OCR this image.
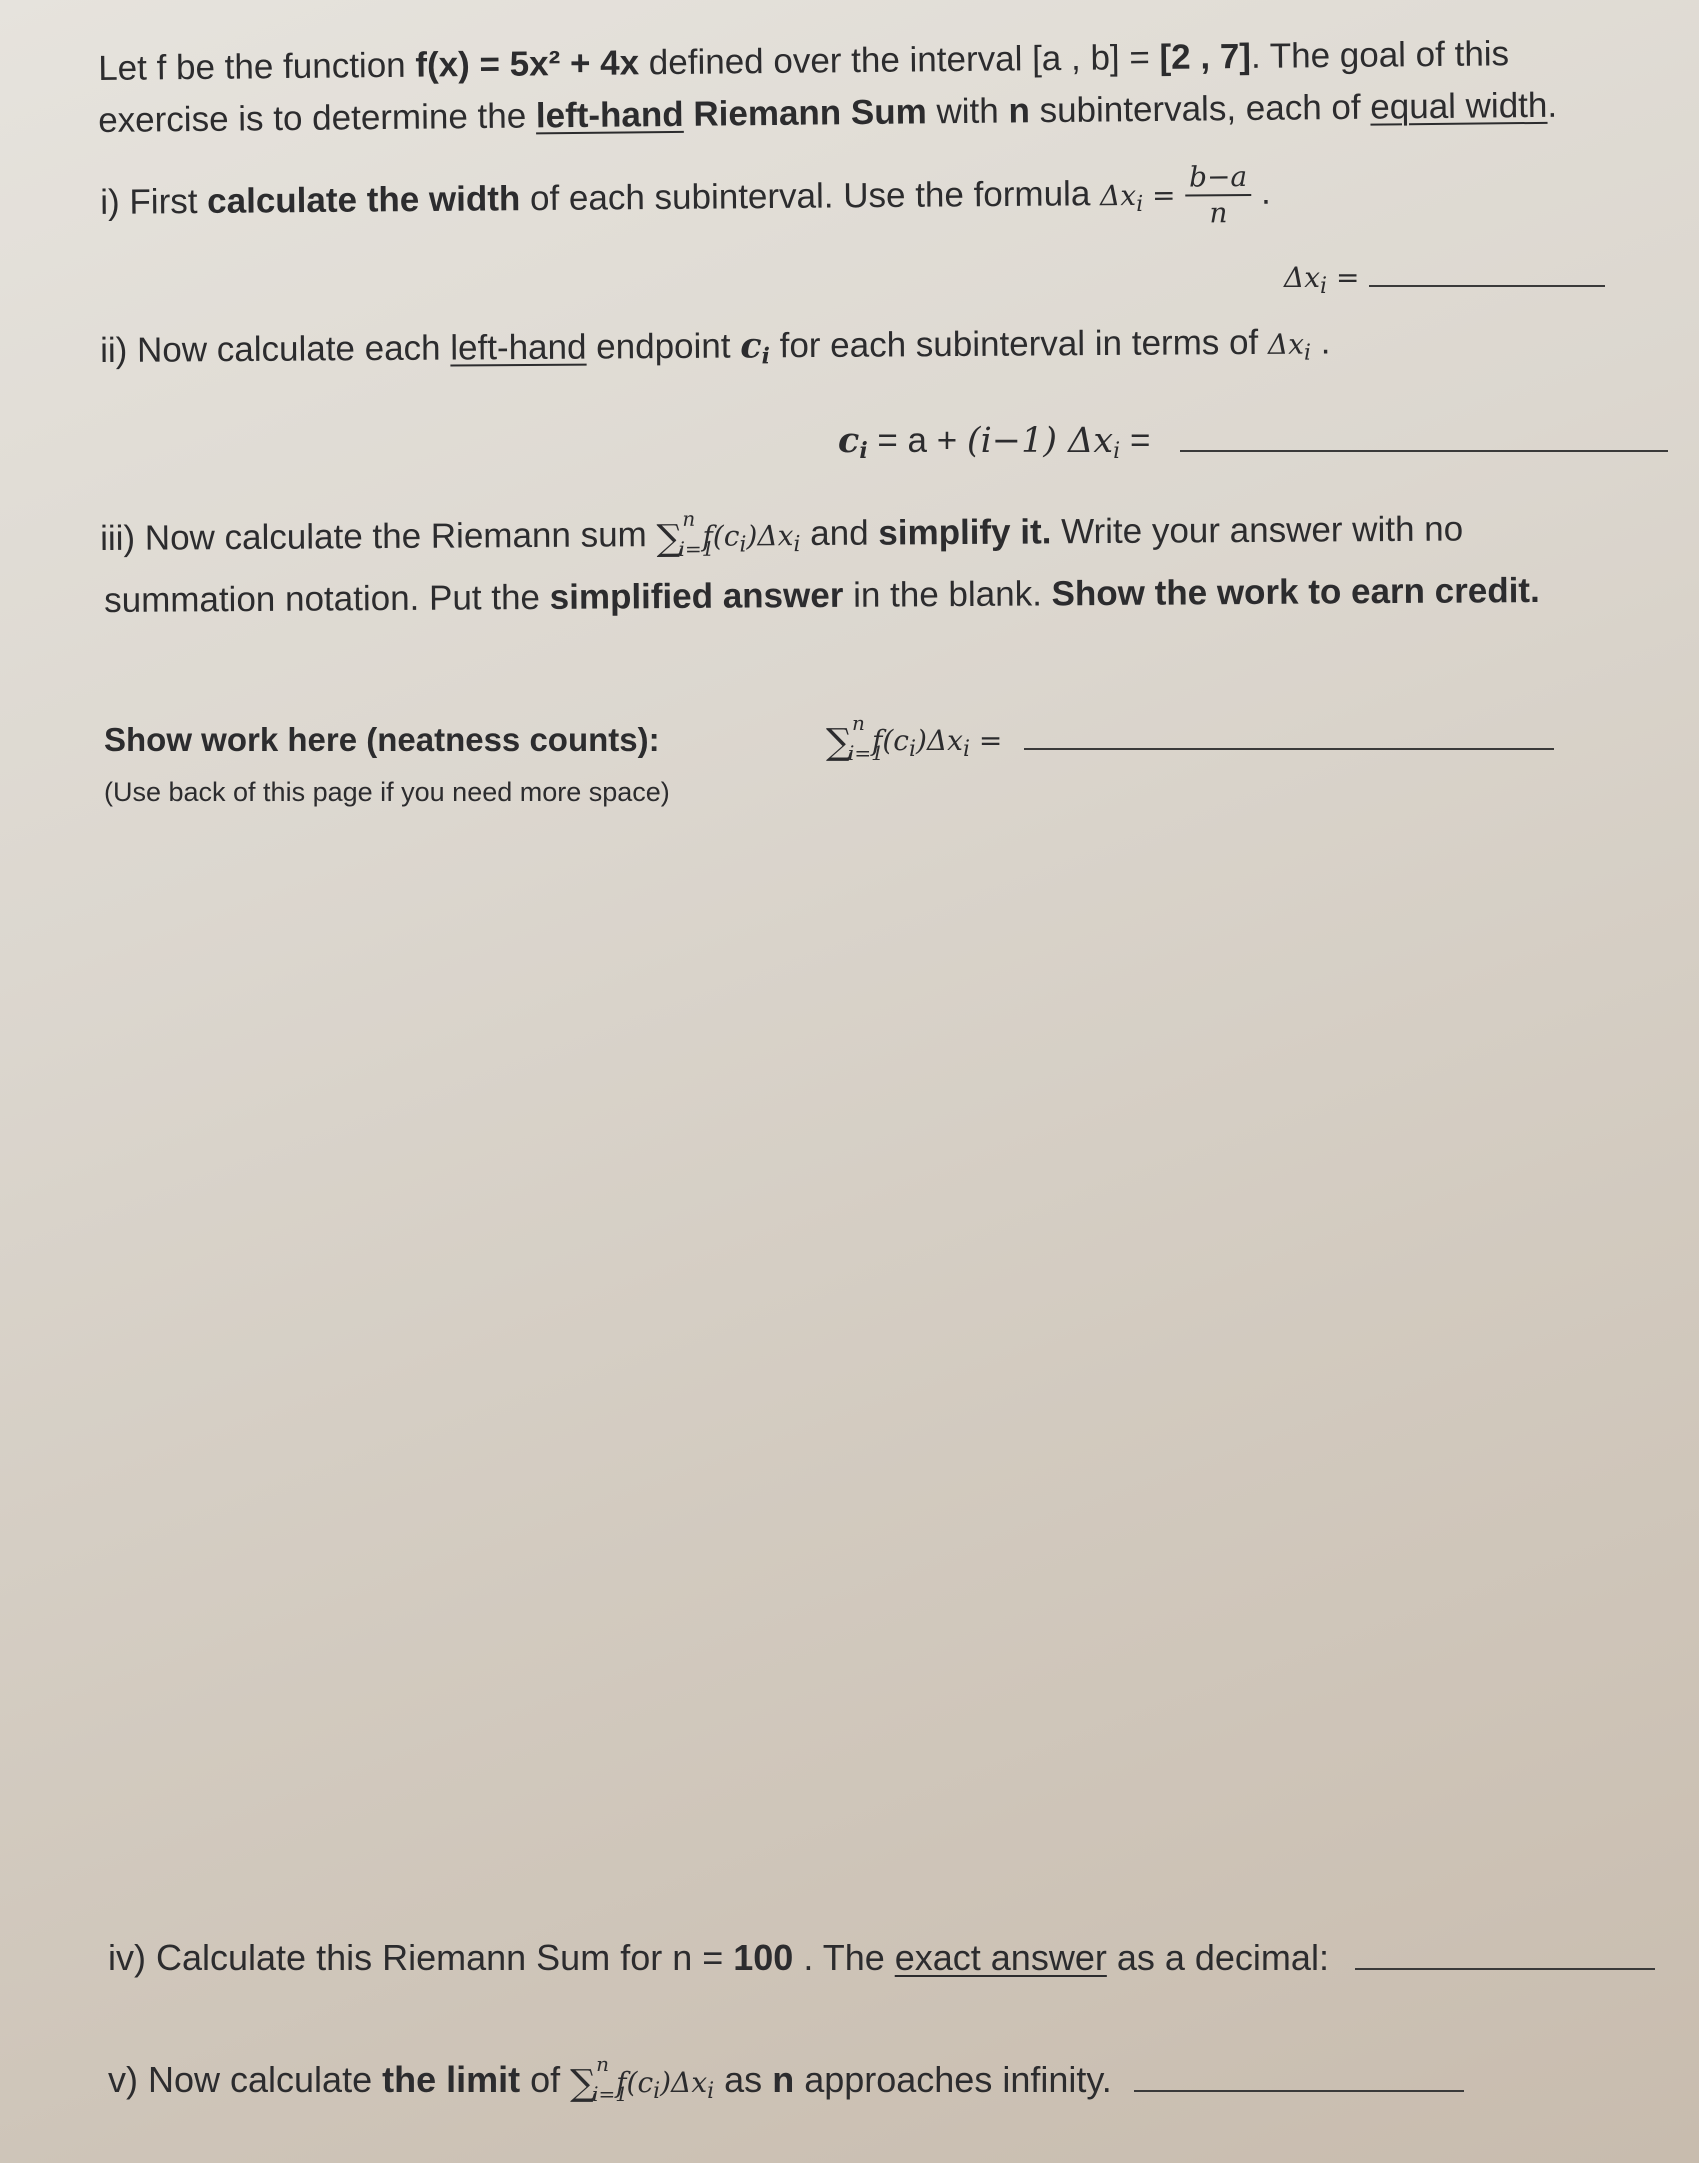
Let f be the function f(x) = 5x² + 4x defined over the interval [a , b] = [2 , 7]. The goal of this
exercise is to determine the left-hand Riemann Sum with n subintervals, each of equal width.
i) First calculate the width of each subinterval. Use the formula $\Delta x_i = \frac{b-a}{n}$ .
$\Delta x_i$ =
ii) Now calculate each left-hand endpoint $c_i$ for each subinterval in terms of $\Delta x_i$ .
$c_i = a + (i-1) \Delta x_i$ =
iii) Now calculate the Riemann sum ∑ n
i=1
$f(c_i)\Delta x_i$ and simplify it. Write your answer with no
summation notation. Put the simplified answer in the blank. Show the work to earn credit.
Show work here (neatness counts):
(Use back of this page if you need more space)
∑ n
i=1
$f(c_i)\Delta x_i$ =
iv) Calculate this Riemann Sum for n = 100 . The exact answer as a decimal:
v) Now calculate the limit of ∑ n
i=1
$f(c_i)\Delta x_i$ as n approaches infinity.
